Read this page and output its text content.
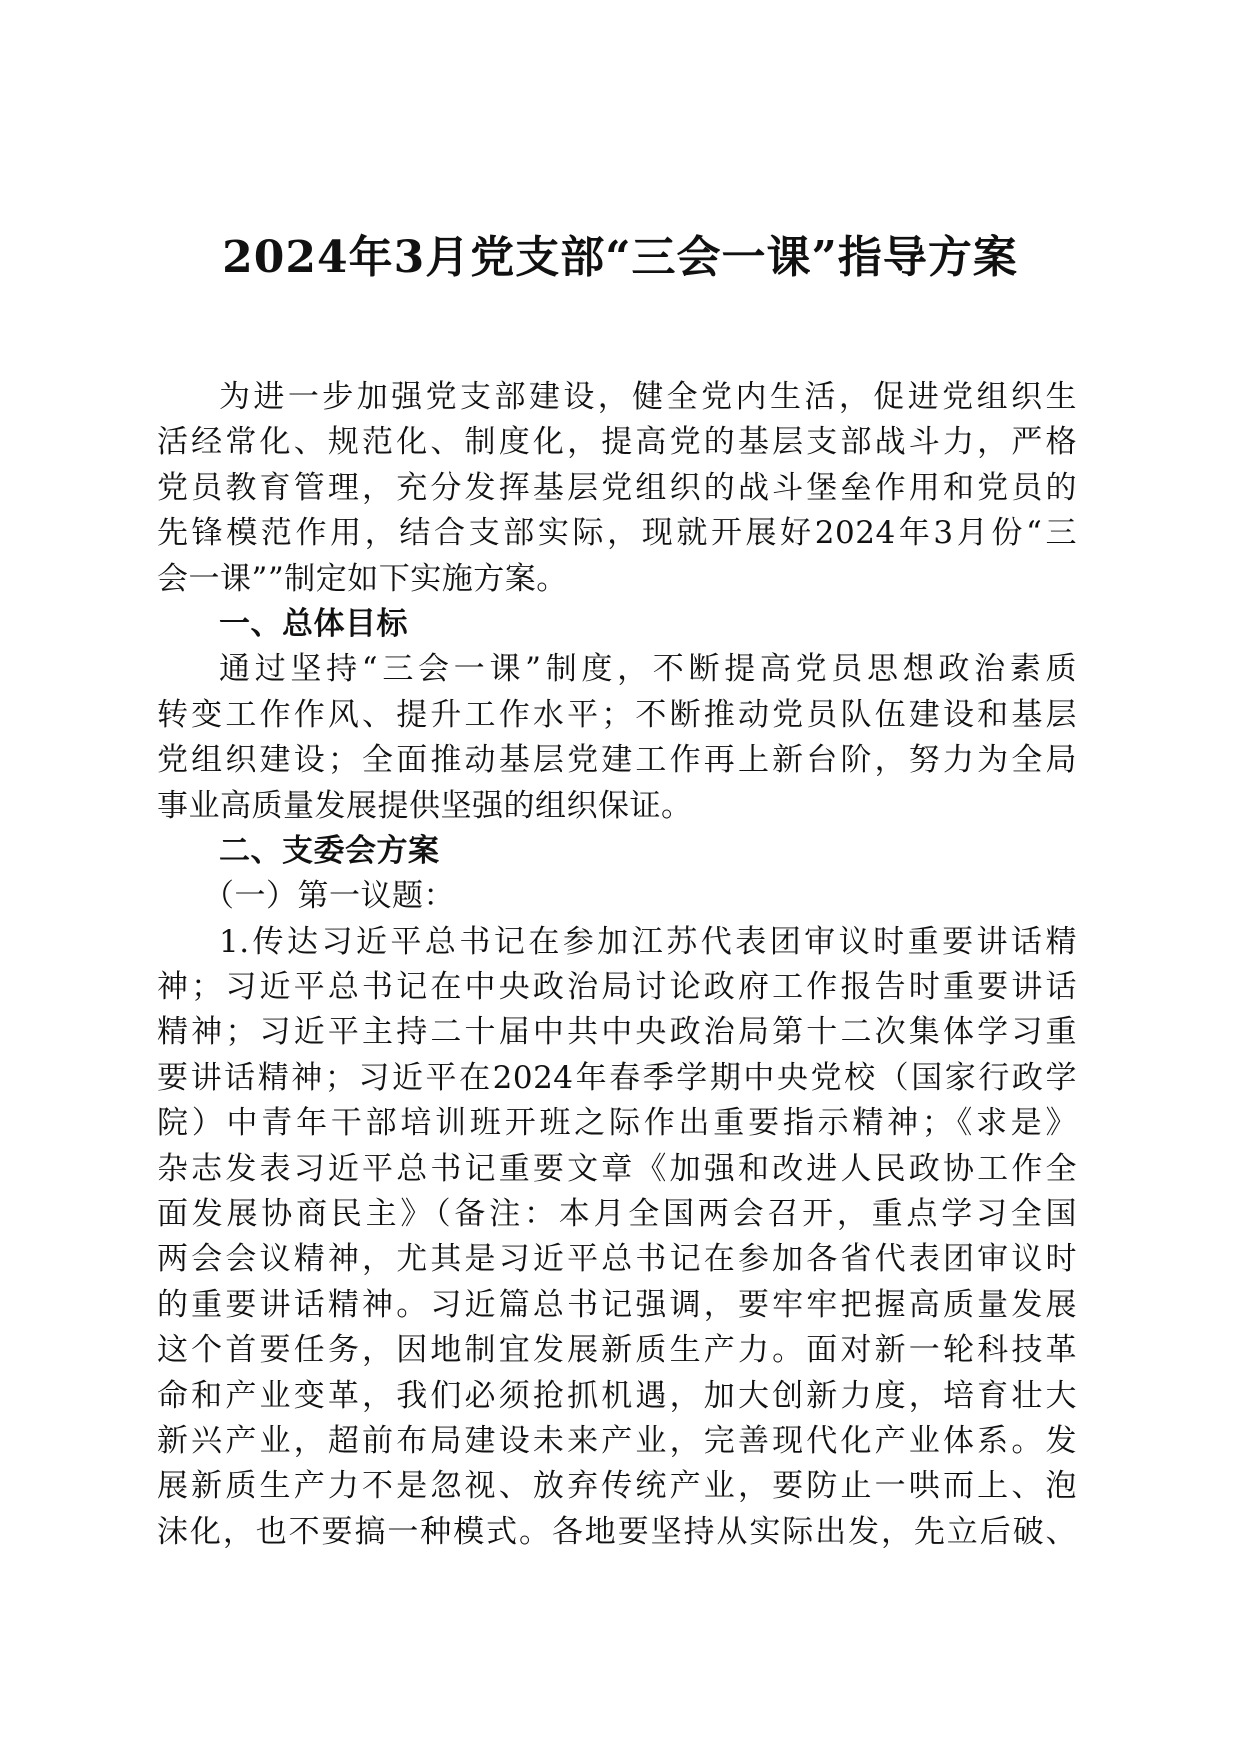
2024年3月党支部“三会一课”指导方案
为进一步加强党支部建设，健全党内生活，促进党组织生
活经常化、规范化、制度化，提高党的基层支部战斗力，严格
党员教育管理，充分发挥基层党组织的战斗堡垒作用和党员的
先锋模范作用，结合支部实际，现就开展好2024年3月份“三
会一课””制定如下实施方案。
一、总体目标
通过坚持“三会一课”制度，不断提高党员思想政治素质
转变工作作风、提升工作水平；不断推动党员队伍建设和基层
党组织建设；全面推动基层党建工作再上新台阶，努力为全局
事业高质量发展提供坚强的组织保证。
二、支委会方案
（一）第一议题：
1.传达习近平总书记在参加江苏代表团审议时重要讲话精
神；习近平总书记在中央政治局讨论政府工作报告时重要讲话
精神；习近平主持二十届中共中央政治局第十二次集体学习重
要讲话精神；习近平在2024年春季学期中央党校（国家行政学
院）中青年干部培训班开班之际作出重要指示精神；《求是》
杂志发表习近平总书记重要文章《加强和改进人民政协工作全
面发展协商民主》（备注：本月全国两会召开，重点学习全国
两会会议精神，尤其是习近平总书记在参加各省代表团审议时
的重要讲话精神。习近篇总书记强调，要牢牢把握高质量发展
这个首要任务，因地制宜发展新质生产力。面对新一轮科技革
命和产业变革，我们必须抢抓机遇，加大创新力度，培育壮大
新兴产业，超前布局建设未来产业，完善现代化产业体系。发
展新质生产力不是忽视、放弃传统产业，要防止一哄而上、泡
沫化，也不要搞一种模式。各地要坚持从实际出发，先立后破、
